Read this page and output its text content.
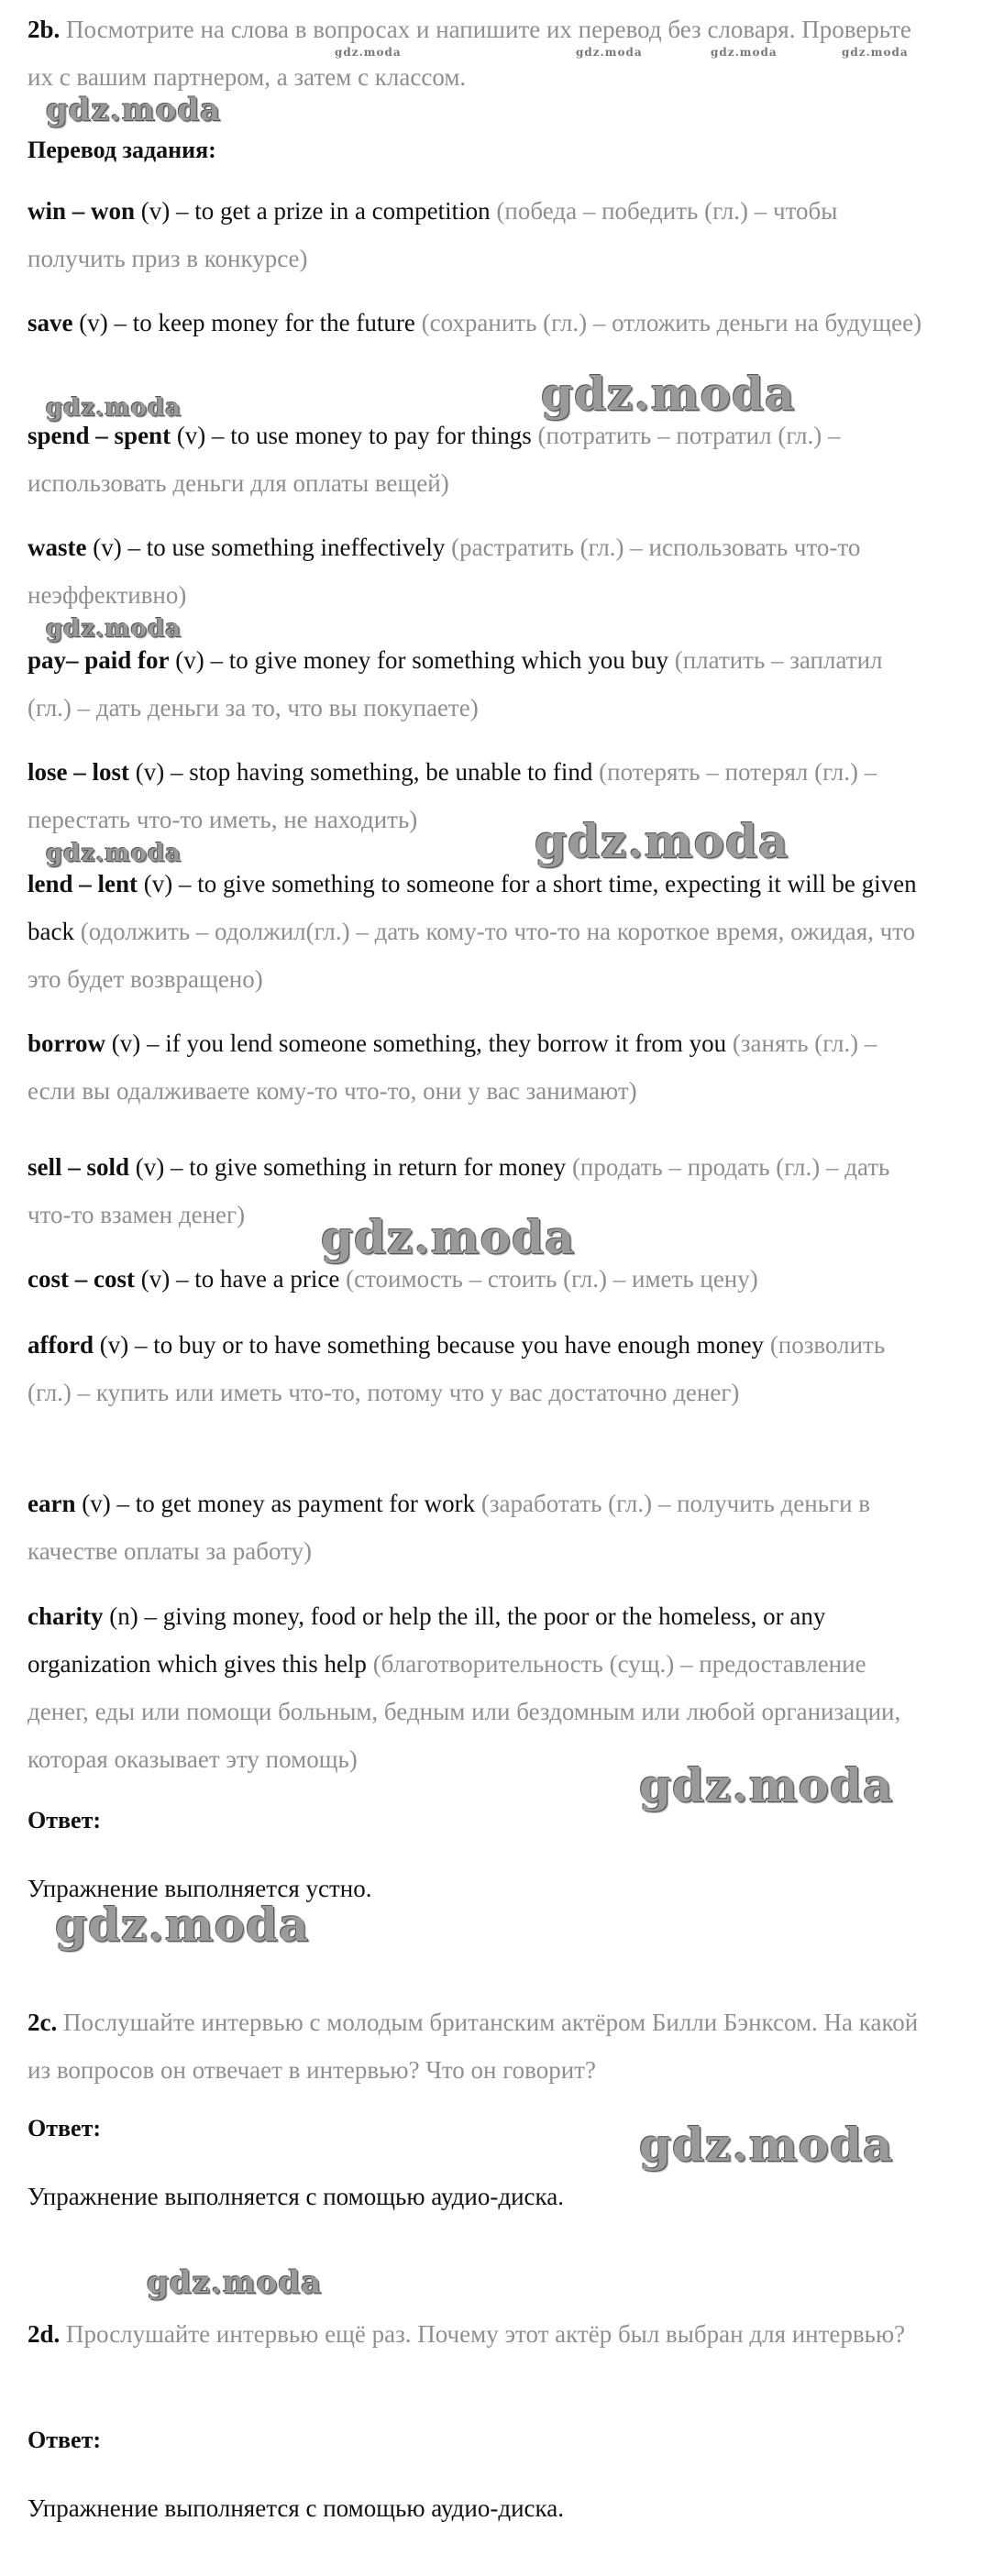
2b. Посмотрите на слова в вопросах и напишите их перевод без словаря. Проверьте их с вашим партнером, а затем с классом.
Перевод задания:
win – won (v) – to get a prize in a competition (победа – победить (гл.) – чтобы получить приз в конкурсе)
save (v) – to keep money for the future (сохранить (гл.) – отложить деньги на будущее)
spend – spent (v) – to use money to pay for things (потратить – потратил (гл.) – использовать деньги для оплаты вещей)
waste (v) – to use something ineffectively (растратить (гл.) – использовать что-то неэффективно)
pay– paid for (v) – to give money for something which you buy (платить – заплатил (гл.) – дать деньги за то, что вы покупаете)
lose – lost (v) – stop having something, be unable to find (потерять – потерял (гл.) – перестать что-то иметь, не находить)
lend – lent (v) – to give something to someone for a short time, expecting it will be given back (одолжить – одолжил(гл.) – дать кому-то что-то на короткое время, ожидая, что это будет возвращено)
borrow (v) – if you lend someone something, they borrow it from you (занять (гл.) – если вы одалживаете кому-то что-то, они у вас занимают)
sell – sold (v) – to give something in return for money (продать – продать (гл.) – дать что-то взамен денег)
cost – cost (v) – to have a price (стоимость – стоить (гл.) – иметь цену)
afford (v) – to buy or to have something because you have enough money (позволить (гл.) – купить или иметь что-то, потому что у вас достаточно денег)
earn (v) – to get money as payment for work (заработать (гл.) – получить деньги в качестве оплаты за работу)
charity (n) – giving money, food or help the ill, the poor or the homeless, or any organization which gives this help (благотворительность (сущ.) – предоставление денег, еды или помощи больным, бедным или бездомным или любой организации, которая оказывает эту помощь)
Ответ:
Упражнение выполняется устно.
2c. Послушайте интервью с молодым британским актёром Билли Бэнксом. На какой из вопросов он отвечает в интервью? Что он говорит?
Ответ:
Упражнение выполняется с помощью аудио-диска.
2d. Прослушайте интервью ещё раз. Почему этот актёр был выбран для интервью?
Ответ:
Упражнение выполняется с помощью аудио-диска.
gdz.moda	gdz.moda	gdz.moda	gdz.moda
gdz.moda
gdz.moda
gdz.moda
gdz.moda
gdz.moda	gdz.moda
gdz.moda
gdz.moda
gdz.moda
gdz.moda
gdz.moda
